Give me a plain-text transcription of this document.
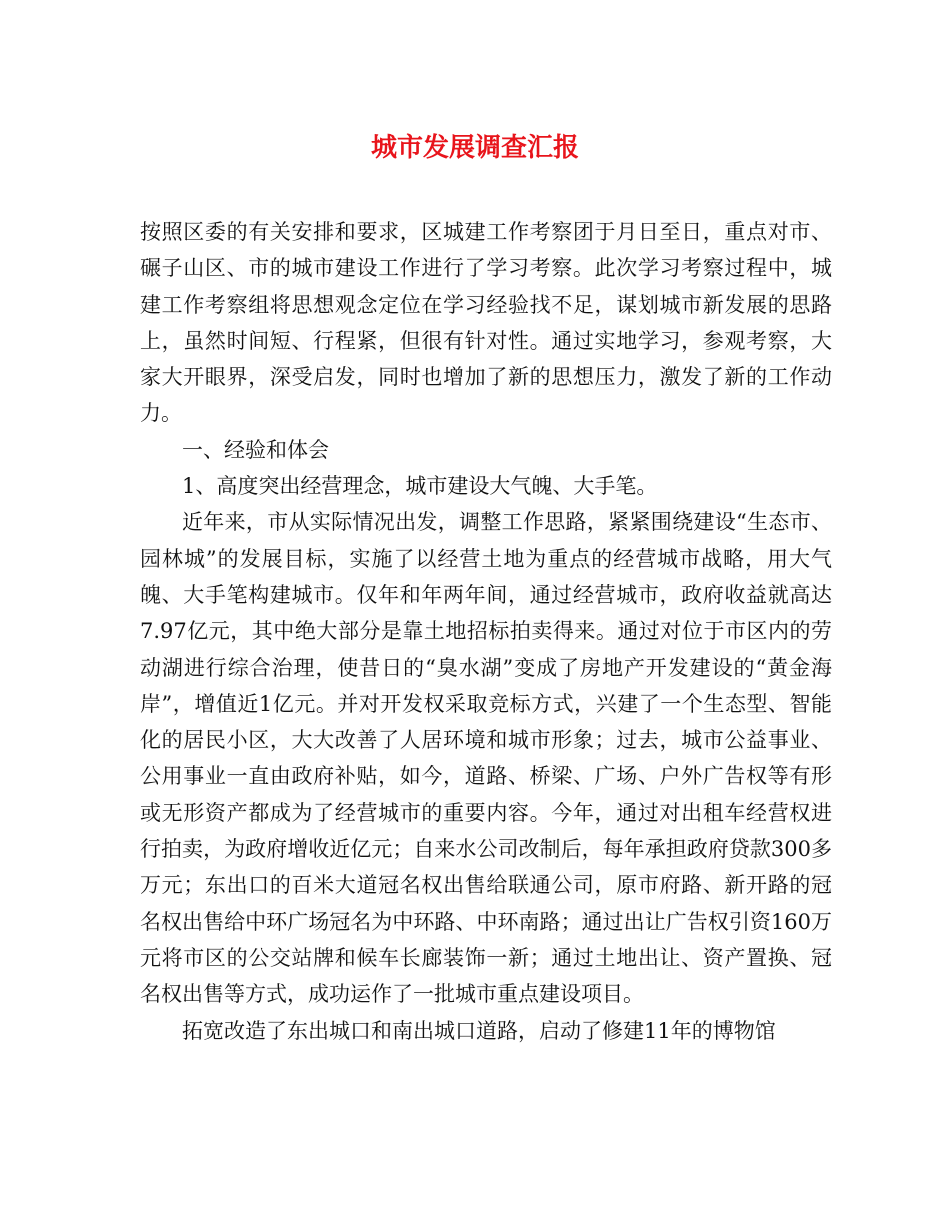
城市发展调查汇报

按照区委的有关安排和要求，区城建工作考察团于月日至日，重点对市、碾子山区、市的城市建设工作进行了学习考察。此次学习考察过程中，城建工作考察组将思想观念定位在学习经验找不足，谋划城市新发展的思路上，虽然时间短、行程紧，但很有针对性。通过实地学习，参观考察，大家大开眼界，深受启发，同时也增加了新的思想压力，激发了新的工作动力。

一、经验和体会

1、高度突出经营理念，城市建设大气魄、大手笔。

近年来，市从实际情况出发，调整工作思路，紧紧围绕建设“生态市、园林城”的发展目标，实施了以经营土地为重点的经营城市战略，用大气魄、大手笔构建城市。仅年和年两年间，通过经营城市，政府收益就高达7.97亿元，其中绝大部分是靠土地招标拍卖得来。通过对位于市区内的劳动湖进行综合治理，使昔日的“臭水湖”变成了房地产开发建设的“黄金海岸”，增值近1亿元。并对开发权采取竞标方式，兴建了一个生态型、智能化的居民小区，大大改善了人居环境和城市形象；过去，城市公益事业、公用事业一直由政府补贴，如今，道路、桥梁、广场、户外广告权等有形或无形资产都成为了经营城市的重要内容。今年，通过对出租车经营权进行拍卖，为政府增收近亿元；自来水公司改制后，每年承担政府贷款300多万元；东出口的百米大道冠名权出售给联通公司，原市府路、新开路的冠名权出售给中环广场冠名为中环路、中环南路；通过出让广告权引资160万元将市区的公交站牌和候车长廊装饰一新；通过土地出让、资产置换、冠名权出售等方式，成功运作了一批城市重点建设项目。

拓宽改造了东出城口和南出城口道路，启动了修建11年的博物馆
